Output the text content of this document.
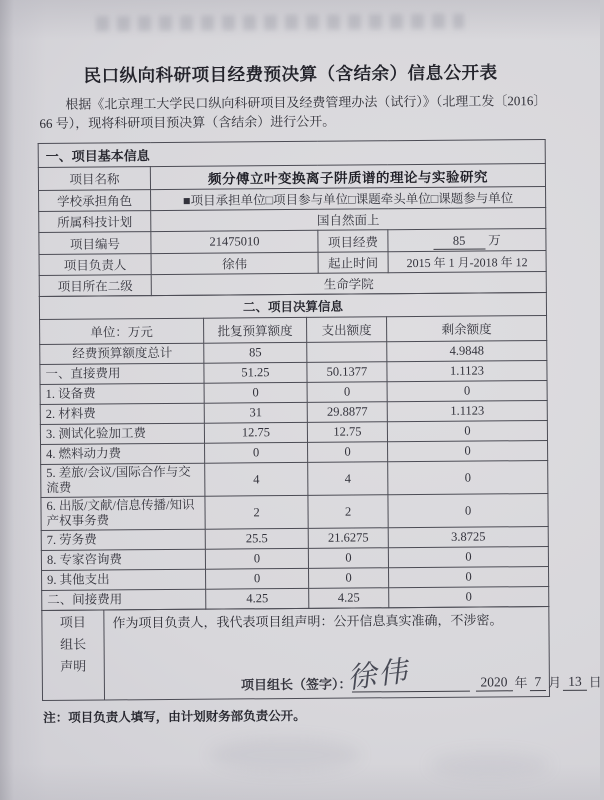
民口纵向科研项目经费预决算（含结余）信息公开表

根据《北京理工大学民口纵向科研项目及经费管理办法（试行）》（北理工发〔2016〕66 号），现将科研项目预决算（含结余）进行公开。

一、项目基本信息			
项目名称	频分傅立叶变换离子阱质谱的理论与实验研究		
学校承担角色	■项目承担单位□项目参与单位□课题牵头单位□课题参与单位		
所属科技计划	国自然面上		
项目编号	21475010	项目经费	85 万
项目负责人	徐伟	起止时间	2015 年 1 月-2018 年 12
项目所在二级	生命学院		
二、项目决算信息			
单位：万元	批复预算额度	支出额度	剩余额度
经费预算额度总计	85		4.9848
一、直接费用	51.25	50.1377	1.1123
1. 设备费	0	0	0
2. 材料费	31	29.8877	1.1123
3. 测试化验加工费	12.75	12.75	0
4. 燃料动力费	0	0	0
5. 差旅/会议/国际合作与交流费	4	4	0
6. 出版/文献/信息传播/知识产权事务费	2	2	0
7. 劳务费	25.5	21.6275	3.8725
8. 专家咨询费	0	0	0
9. 其他支出	0	0	0
二、间接费用	4.25	4.25	0
项目
组长
声明

作为项目负责人，我代表项目组声明：公开信息真实准确，不涉密。
徐伟
项目组长（签字）：	2020 年 7 月 13 日

注：项目负责人填写，由计划财务部负责公开。
